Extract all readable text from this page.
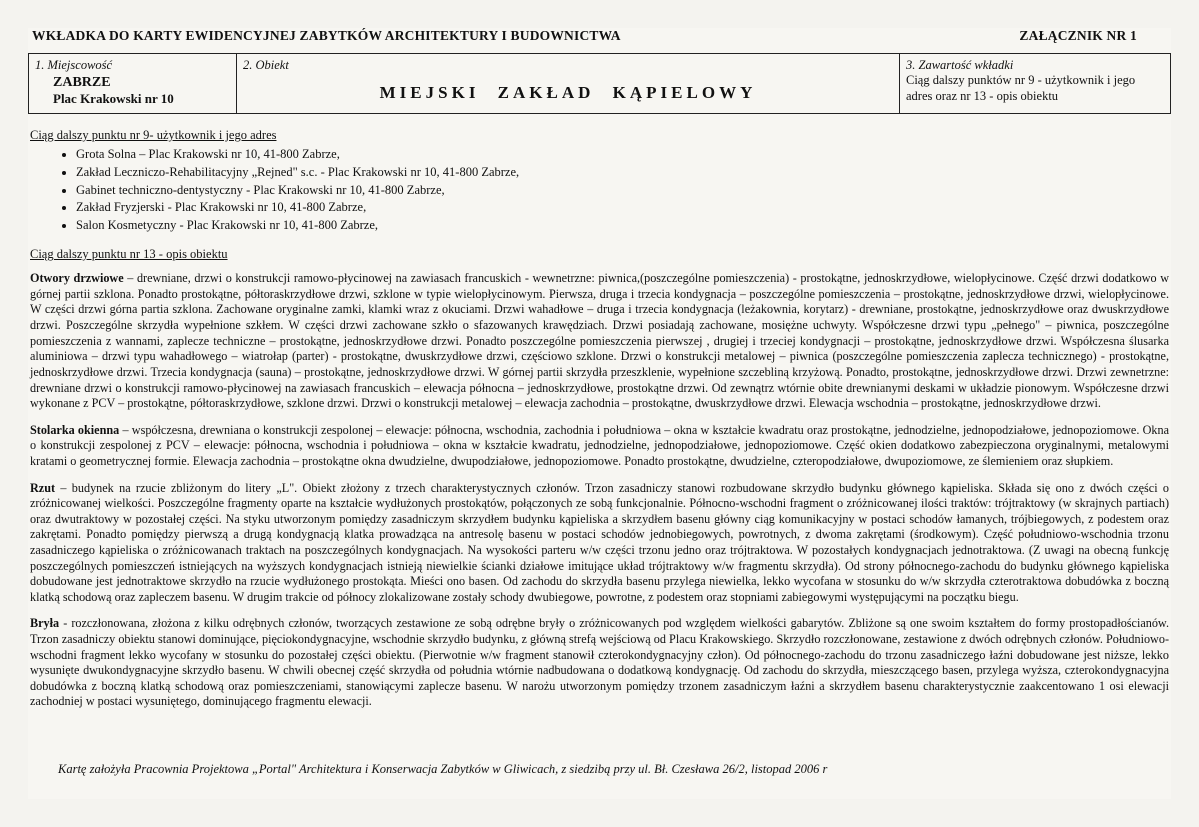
WKŁADKA DO KARTY EWIDENCYJNEJ ZABYTKÓW ARCHITEKTURY I BUDOWNICTWA	ZAŁĄCZNIK NR 1
1. Miejscowość
ZABRZE
Plac Krakowski nr 10

2. Obiekt
MIEJSKI ZAKŁAD KĄPIELOWY

3. Zawartość wkładki
Ciąg dalszy punktów nr 9 - użytkownik i jego
adres oraz nr 13 - opis obiektu
Ciąg dalszy punktu nr 9- użytkownik i jego adres
• Grota Solna – Plac Krakowski nr 10, 41-800 Zabrze,
• Zakład Leczniczo-Rehabilitacyjny „Rejned" s.c. - Plac Krakowski nr 10, 41-800 Zabrze,
• Gabinet techniczno-dentystyczny - Plac Krakowski nr 10, 41-800 Zabrze,
• Zakład Fryzjerski - Plac Krakowski nr 10, 41-800 Zabrze,
• Salon Kosmetyczny - Plac Krakowski nr 10, 41-800 Zabrze,
Ciąg dalszy punktu nr 13 - opis obiektu
Otwory drzwiowe – drewniane, drzwi o konstrukcji ramowo-płycinowej na zawiasach francuskich - wewnetrzne: piwnica,(poszczególne pomieszczenia) - prostokątne, jednoskrzydłowe, wielopłycinowe. Część drzwi dodatkowo w górnej partii szklona. Ponadto prostokątne, półtoraskrzydłowe drzwi, szklone w typie wielopłycinowym. Pierwsza, druga i trzecia kondygnacja – poszczególne pomieszczenia – prostokątne, jednoskrzydłowe drzwi, wielopłycinowe. W części drzwi górna partia szklona. Zachowane oryginalne zamki, klamki wraz z okuciami. Drzwi wahadłowe – druga i trzecia kondygnacja (leżakownia, korytarz) - drewniane, prostokątne, jednoskrzydłowe oraz dwuskrzydłowe drzwi. Poszczególne skrzydła wypełnione szkłem. W części drzwi zachowane szkło o sfazowanych krawędziach. Drzwi posiadają zachowane, mosiężne uchwyty. Współczesne drzwi typu „pełnego" – piwnica, poszczególne pomieszczenia z wannami, zaplecze techniczne – prostokątne, jednoskrzydłowe drzwi. Ponadto poszczególne pomieszczenia pierwszej , drugiej i trzeciej kondygnacji – prostokątne, jednoskrzydłowe drzwi. Współczesna ślusarka aluminiowa – drzwi typu wahadłowego – wiatrołap (parter) - prostokątne, dwuskrzydłowe drzwi, częściowo szklone. Drzwi o konstrukcji metalowej – piwnica (poszczególne pomieszczenia zaplecza technicznego) - prostokątne, jednoskrzydłowe drzwi. Trzecia kondygnacja (sauna) – prostokątne, jednoskrzydłowe drzwi. W górnej partii skrzydła przeszklenie, wypełnione szczebliną krzyżową. Ponadto, prostokątne, jednoskrzydłowe drzwi. Drzwi zewnetrzne: drewniane drzwi o konstrukcji ramowo-płycinowej na zawiasach francuskich – elewacja północna – jednoskrzydłowe, prostokątne drzwi. Od zewnątrz wtórnie obite drewnianymi deskami w układzie pionowym. Współczesne drzwi wykonane z PCV – prostokątne, półtoraskrzydłowe, szklone drzwi. Drzwi o konstrukcji metalowej – elewacja zachodnia – prostokątne, dwuskrzydłowe drzwi. Elewacja wschodnia – prostokątne, jednoskrzydłowe drzwi.
Stolarka okienna – współczesna, drewniana o konstrukcji zespolonej – elewacje: północna, wschodnia, zachodnia i południowa – okna w kształcie kwadratu oraz prostokątne, jednodzielne, jednopodziałowe, jednopoziomowe. Okna o konstrukcji zespolonej z PCV – elewacje: północna, wschodnia i południowa – okna w kształcie kwadratu, jednodzielne, jednopodziałowe, jednopoziomowe. Część okien dodatkowo zabezpieczona oryginalnymi, metalowymi kratami o geometrycznej formie. Elewacja zachodnia – prostokątne okna dwudzielne, dwupodziałowe, jednopoziomowe. Ponadto prostokątne, dwudzielne, czteropodziałowe, dwupoziomowe, ze ślemieniem oraz słupkiem.
Rzut – budynek na rzucie zbliżonym do litery „L". Obiekt złożony z trzech charakterystycznych członów. Trzon zasadniczy stanowi rozbudowane skrzydło budynku głównego kąpieliska. Składa się ono z dwóch części o zróżnicowanej wielkości. Poszczególne fragmenty oparte na kształcie wydłużonych prostokątów, połączonych ze sobą funkcjonalnie. Północno-wschodni fragment o zróżnicowanej ilości traktów: trójtraktowy (w skrajnych partiach) oraz dwutraktowy w pozostałej części. Na styku utworzonym pomiędzy zasadniczym skrzydłem budynku kąpieliska a skrzydłem basenu główny ciąg komunikacyjny w postaci schodów łamanych, trójbiegowych, z podestem oraz zakrętami. Ponadto pomiędzy pierwszą a drugą kondygnacją klatka prowadząca na antresolę basenu w postaci schodów jednobiegowych, powrotnych, z dwoma zakrętami (środkowym). Część południowo-wschodnia trzonu zasadniczego kąpieliska o zróżnicowanach traktach na poszczególnych kondygnacjach. Na wysokości parteru w/w części trzonu jedno oraz trójtraktowa. W pozostałych kondygnacjach jednotraktowa. (Z uwagi na obecną funkcję poszczególnych pomieszczeń istniejących na wyższych kondygnacjach istnieją niewielkie ścianki działowe imitujące układ trójtraktowy w/w fragmentu skrzydła). Od strony północnego-zachodu do budynku głównego kąpieliska dobudowane jest jednotraktowe skrzydło na rzucie wydłużonego prostokąta. Mieści ono basen. Od zachodu do skrzydła basenu przylega niewielka, lekko wycofana w stosunku do w/w skrzydła czterotraktowa dobudówka z boczną klatką schodową oraz zapleczem basenu. W drugim trakcie od północy zlokalizowane zostały schody dwubiegowe, powrotne, z podestem oraz stopniami zabiegowymi występującymi na początku biegu.
Bryła - rozczłonowana, złożona z kilku odrębnych członów, tworzących zestawione ze sobą odrębne bryły o zróżnicowanych pod względem wielkości gabarytów. Zbliżone są one swoim kształtem do formy prostopadłościanów. Trzon zasadniczy obiektu stanowi dominujące, pięciokondygnacyjne, wschodnie skrzydło budynku, z główną strefą wejściową od Placu Krakowskiego. Skrzydło rozczłonowane, zestawione z dwóch odrębnych członów. Południowo-wschodni fragment lekko wycofany w stosunku do pozostałej części obiektu. (Pierwotnie w/w fragment stanowił czterokondygnacyjny człon). Od północnego-zachodu do trzonu zasadniczego łaźni dobudowane jest niższe, lekko wysunięte dwukondygnacyjne skrzydło basenu. W chwili obecnej część skrzydła od południa wtórnie nadbudowana o dodatkową kondygnację. Od zachodu do skrzydła, mieszczącego basen, przylega wyższa, czterokondygnacyjna dobudówka z boczną klatką schodową oraz pomieszczeniami, stanowiącymi zaplecze basenu. W narożu utworzonym pomiędzy trzonem zasadniczym łaźni a skrzydłem basenu charakterystycznie zaakcentowano 1 osi elewacji zachodniej w postaci wysuniętego, dominującego fragmentu elewacji.
Kartę założyła Pracownia Projektowa „Portal" Architektura i Konserwacja Zabytków w Gliwicach, z siedzibą przy ul. Bł. Czesława 26/2, listopad 2006 r
